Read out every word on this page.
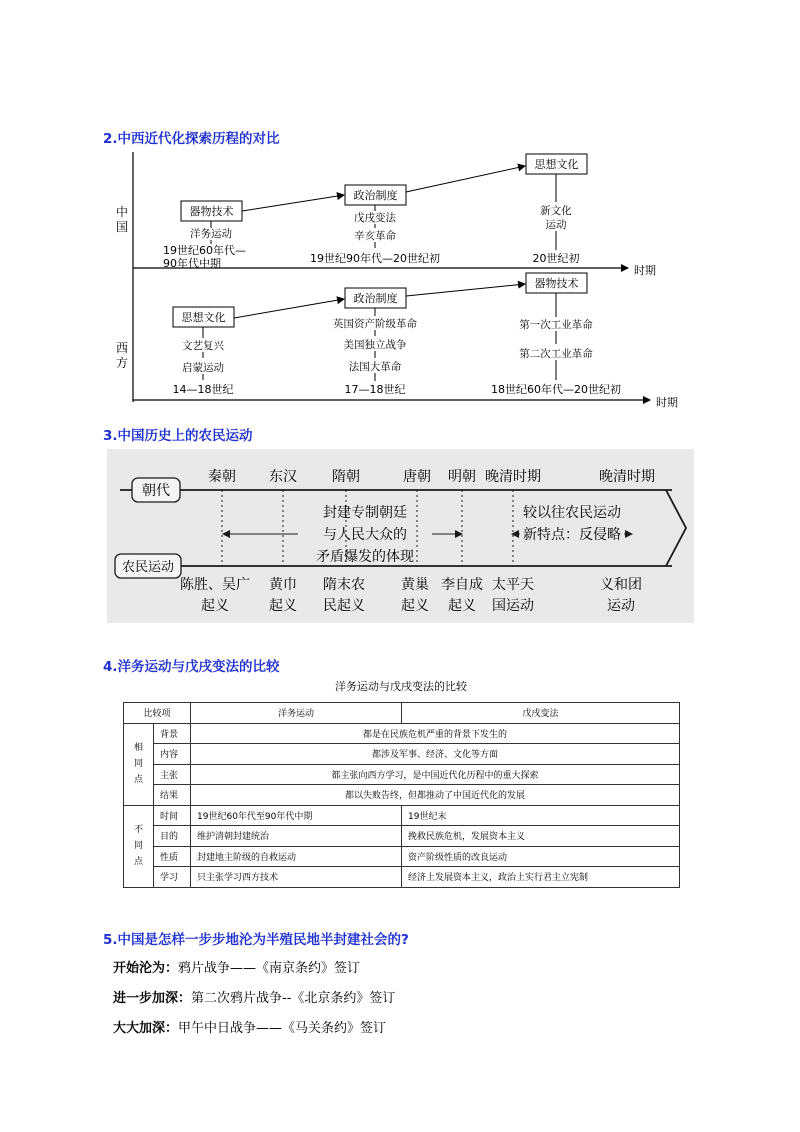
2.中西近代化探索历程的对比
时期
时期
中
国
西
方
器物技术
政治制度
思想文化
洋务运动
19世纪60年代—
90年代中期
戊戌变法
辛亥革命
19世纪90年代—20世纪初
新文化
运动
20世纪初
思想文化
政治制度
器物技术
文艺复兴
启蒙运动
14—18世纪
英国资产阶级革命
美国独立战争
法国大革命
17—18世纪
第一次工业革命
第二次工业革命
18世纪60年代—20世纪初
3.中国历史上的农民运动
朝代
农民运动
秦朝 东汉	隋朝	唐朝 明朝 晚清时期	晚清时期
封建专制朝廷
与人民大众的
矛盾爆发的体现
较以往农民运动
新特点：反侵略
陈胜、吴广
起义
黄巾
起义
隋末农
民起义
黄巢
起义
李自成
起义
太平天
国运动
义和团
运动
4.洋务运动与戊戌变法的比较
洋务运动与戊戌变法的比较
比较项		洋务运动	戊戌变法
相
同
点	背景	都是在民族危机严重的背景下发生的	
	内容	都涉及军事、经济、文化等方面	
	主张	都主张向西方学习，是中国近代化历程中的重大探索	
	结果	都以失败告终，但都推动了中国近代化的发展	
不
同
点	时间	19世纪60年代至90年代中期	19世纪末
	目的	维护清朝封建统治	挽救民族危机，发展资本主义
	性质	封建地主阶级的自救运动	资产阶级性质的改良运动
	学习	只主张学习西方技术	经济上发展资本主义，政治上实行君主立宪制
5.中国是怎样一步步地沦为半殖民地半封建社会的?
开始沦为：鸦片战争——《南京条约》签订
进一步加深：第二次鸦片战争--《北京条约》签订
大大加深：甲午中日战争——《马关条约》签订
